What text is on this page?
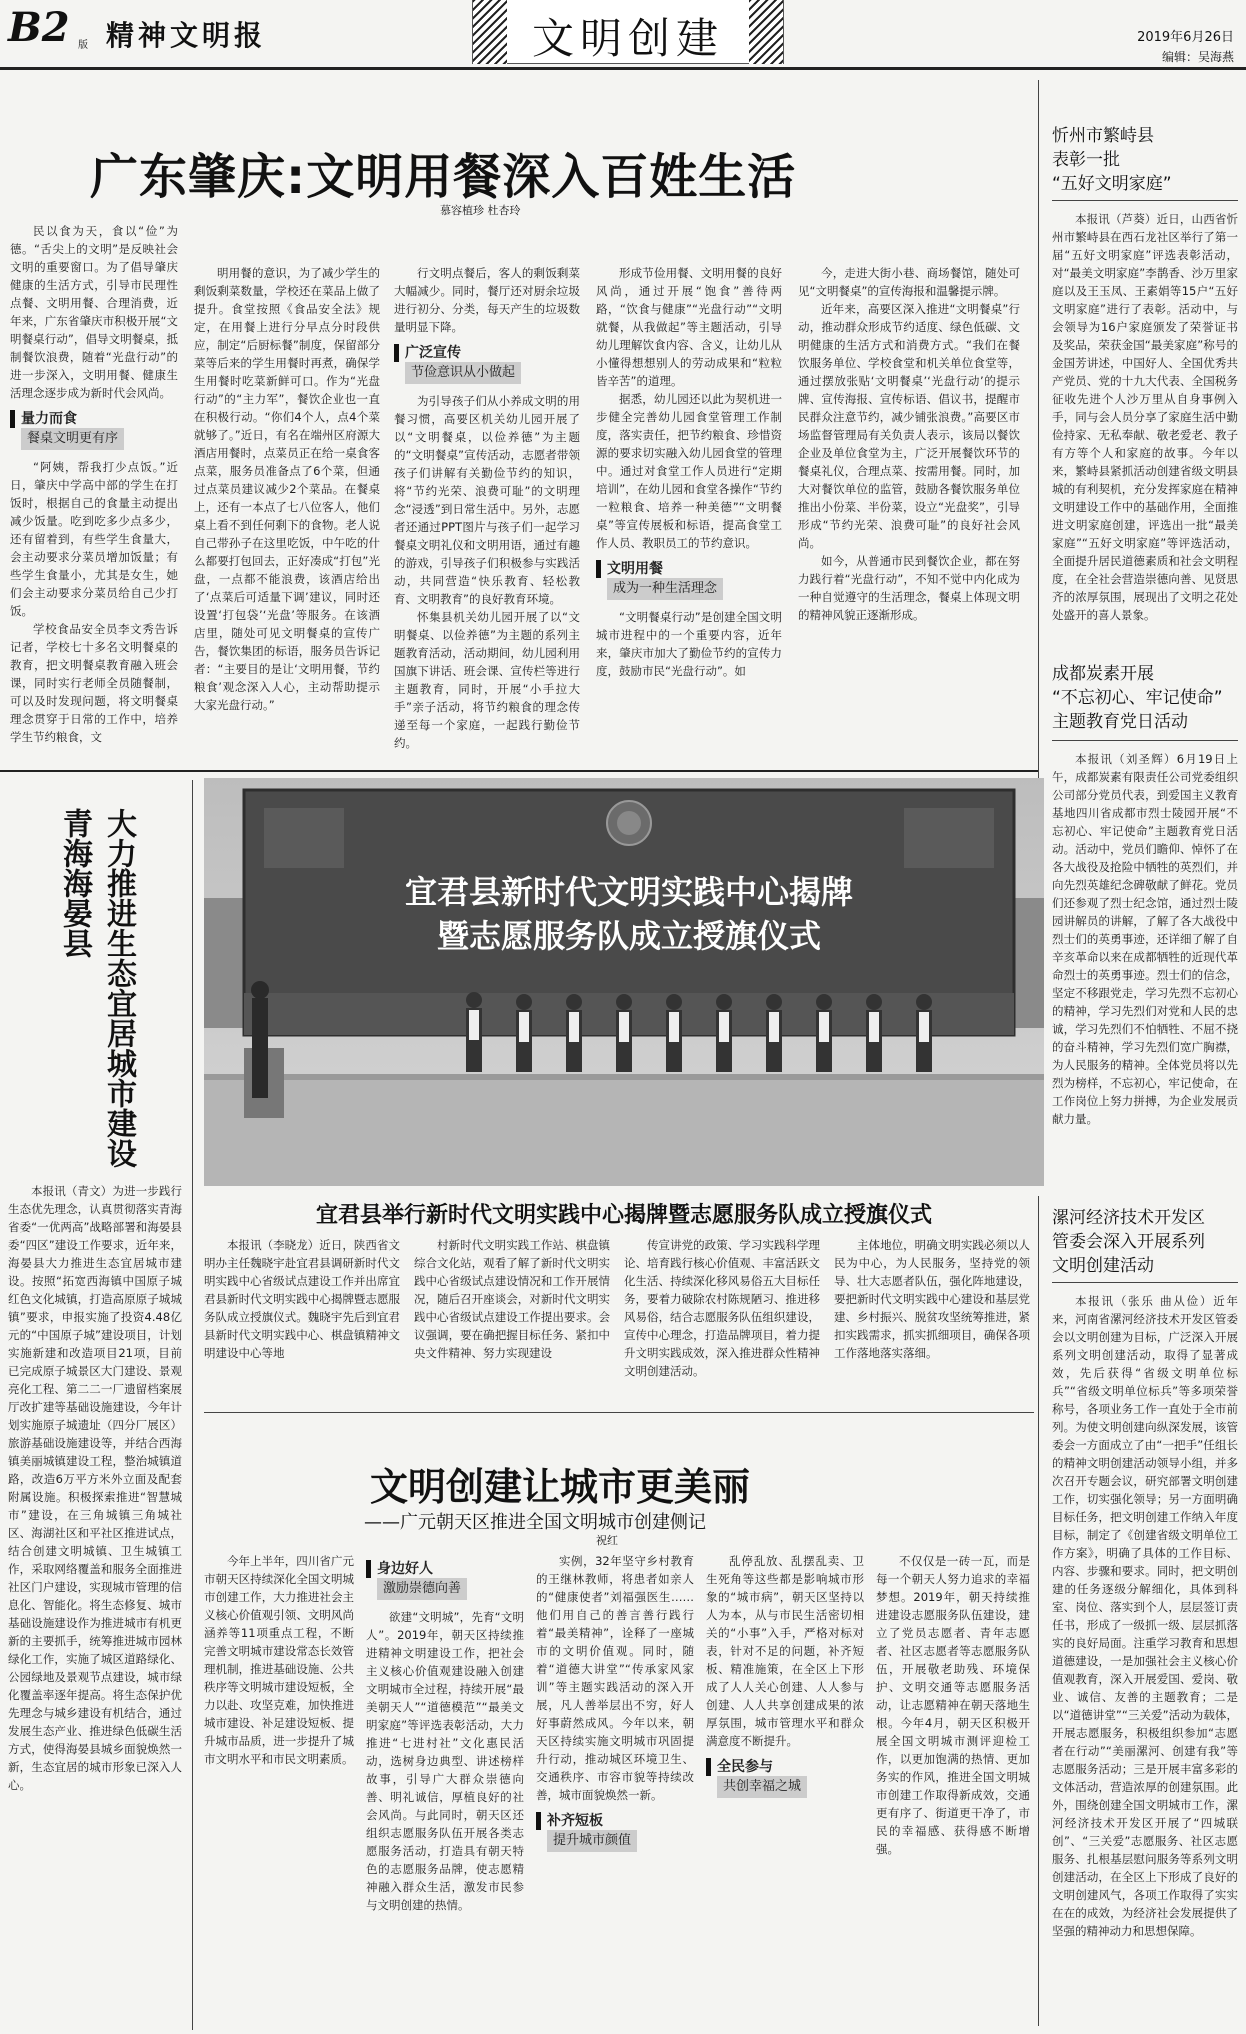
B2 版 精神文明报	文明创建	2019年6月26日
编辑：吴海燕
广东肇庆:文明用餐深入百姓生活
慕容植珍 杜杏玲

民以食为天，食以“俭”为德。“舌尖上的文明”是反映社会文明的重要窗口。为了倡导肇庆健康的生活方式，引导市民理性点餐、文明用餐、合理消费，近年来，广东省肇庆市积极开展“文明餐桌行动”，倡导文明餐桌，抵制餐饮浪费，随着“光盘行动”的进一步深入，文明用餐、健康生活理念逐步成为新时代会风尚。

量力而食
餐桌文明更有序

“阿姨，帮我打少点饭。”近日，肇庆中学高中部的学生在打饭时，根据自己的食量主动提出减少饭量。吃到吃多少点多少，还有留着到，有些学生食量大，会主动要求分菜员增加饭量；有些学生食量小，尤其是女生，她们会主动要求分菜员给自己少打饭。

学校食品安全员李文秀告诉记者，学校七十多名文明餐桌的教育，把文明餐桌教育融入班会课，同时实行老师全员随餐制，可以及时发现问题，将文明餐桌理念贯穿于日常的工作中，培养学生节约粮食，文

明用餐的意识，为了减少学生的剩饭剩菜数量，学校还在菜品上做了提升。食堂按照《食品安全法》规定，在用餐上进行分早点分时段供应，制定“后厨标餐”制度，保留部分菜等后来的学生用餐时再煮，确保学生用餐时吃菜新鲜可口。作为“光盘行动”的“主力军”，餐饮企业也一直在积极行动。“你们4个人，点4个菜就够了。”近日，有名在端州区府源大酒店用餐时，点菜员正在给一桌食客点菜，服务员准备点了6个菜，但通过点菜员建议减少2个菜品。在餐桌上，还有一本点了七八位客人，他们桌上看不到任何剩下的食物。老人说自己带孙子在这里吃饭，中午吃的什么都要打包回去，正好凑成“打包”光盘，一点都不能浪费，该酒店给出了‘点菜后可适量下调’建议，同时还设置‘打包袋’‘光盘’等服务。在该酒店里，随处可见文明餐桌的宣传广告，餐饮集团的标语，服务员告诉记者：“主要目的是让‘文明用餐，节约粮食’观念深入人心，主动帮助提示大家光盘行动。”

行文明点餐后，客人的剩饭剩菜大幅减少。同时，餐厅还对厨余垃圾进行初分、分类，每天产生的垃圾数量明显下降。

广泛宣传
节俭意识从小做起

为引导孩子们从小养成文明的用餐习惯，高要区机关幼儿园开展了以“文明餐桌，以俭养德”为主题的“文明餐桌”宣传活动，志愿者带领孩子们讲解有关勤俭节约的知识，将“节约光荣、浪费可耻”的文明理念“浸透”到日常生活中。另外，志愿者还通过PPT图片与孩子们一起学习餐桌文明礼仪和文明用语，通过有趣的游戏，引导孩子们积极参与实践活动，共同营造“快乐教育、轻松教育、文明教育”的良好教育环境。

怀集县机关幼儿园开展了以“文明餐桌、以俭养德”为主题的系列主题教育活动，活动期间，幼儿园利用国旗下讲话、班会课、宣传栏等进行主题教育，同时，开展“小手拉大手”亲子活动，将节约粮食的理念传递至每一个家庭，一起践行勤俭节约。

形成节俭用餐、文明用餐的良好风尚，通过开展“饱食”善待两路，“饮食与健康”“光盘行动”“文明就餐，从我做起”等主题活动，引导幼儿理解饮食内容、含义，让幼儿从小懂得想想别人的劳动成果和“粒粒皆辛苦”的道理。

据悉，幼儿园还以此为契机进一步健全完善幼儿园食堂管理工作制度，落实责任，把节约粮食、珍惜资源的要求切实融入幼儿园食堂的管理中。通过对食堂工作人员进行“定期培训”，在幼儿园和食堂各操作“节约一粒粮食、培养一种美德”“文明餐桌”等宣传展板和标语，提高食堂工作人员、教职员工的节约意识。

文明用餐
成为一种生活理念

“文明餐桌行动”是创建全国文明城市进程中的一个重要内容，近年来，肇庆市加大了勤俭节约的宣传力度，鼓励市民“光盘行动”。如

今，走进大街小巷、商场餐馆，随处可见“文明餐桌”的宣传海报和温馨提示牌。

近年来，高要区深入推进“文明餐桌”行动，推动群众形成节约适度、绿色低碳、文明健康的生活方式和消费方式。“我们在餐饮服务单位、学校食堂和机关单位食堂等，通过摆放张贴‘文明餐桌’‘光盘行动’的提示牌、宣传海报、宣传标语、倡议书，提醒市民群众注意节约，减少铺张浪费。”高要区市场监督管理局有关负责人表示，该局以餐饮企业及单位食堂为主，广泛开展餐饮环节的餐桌礼仪，合理点菜、按需用餐。同时，加大对餐饮单位的监管，鼓励各餐饮服务单位推出小份菜、半份菜，设立“光盘奖”，引导形成“节约光荣、浪费可耻”的良好社会风尚。

如今，从普通市民到餐饮企业，都在努力践行着“光盘行动”，不知不觉中内化成为一种自觉遵守的生活理念，餐桌上体现文明的精神风貌正逐渐形成。

忻州市繁峙县
表彰一批
“五好文明家庭”

本报讯（芦葵）近日，山西省忻州市繁峙县在西石龙社区举行了第一届“五好文明家庭”评选表彰活动，对“最美文明家庭”李鹊香、沙万里家庭以及王玉凤、王素娟等15户“五好文明家庭”进行了表彰。活动中，与会领导为16户家庭颁发了荣誉证书及奖品，荣获金国“最美家庭”称号的金国芳讲述，中国好人、全国优秀共产党员、党的十九大代表、全国税务征收先进个人沙万里从自身事例入手，同与会人员分享了家庭生活中勤俭持家、无私奉献、敬老爱老、教子有方等个人和家庭的故事。今年以来，繁峙县紧抓活动创建省级文明县城的有利契机，充分发挥家庭在精神文明建设工作中的基础作用，全面推进文明家庭创建，评选出一批“最美家庭”“五好文明家庭”等评选活动，全面提升居民道德素质和社会文明程度，在全社会营造崇德向善、见贤思齐的浓厚氛围，展现出了文明之花处处盛开的喜人景象。

成都炭素开展
“不忘初心、牢记使命”
主题教育党日活动

本报讯（刘圣辉）6月19日上午，成都炭素有限责任公司党委组织公司部分党员代表，到爱国主义教育基地四川省成都市烈士陵园开展“不忘初心、牢记使命”主题教育党日活动。活动中，党员们瞻仰、悼怀了在各大战役及抢险中牺牲的英烈们，并向先烈英雄纪念碑敬献了鲜花。党员们还参观了烈士纪念馆，通过烈士陵园讲解员的讲解，了解了各大战役中烈士们的英勇事迹，还详细了解了自辛亥革命以来在成都牺牲的近现代革命烈士的英勇事迹。烈士们的信念，坚定不移跟党走，学习先烈不忘初心的精神，学习先烈们对党和人民的忠诚，学习先烈们不怕牺牲、不屈不挠的奋斗精神，学习先烈们宽广胸襟，为人民服务的精神。全体党员将以先烈为榜样，不忘初心，牢记使命，在工作岗位上努力拼搏，为企业发展贡献力量。

漯河经济技术开发区
管委会深入开展系列
文明创建活动

本报讯（张乐 曲从俭）近年来，河南省漯河经济技术开发区管委会以文明创建为目标，广泛深入开展系列文明创建活动，取得了显著成效，先后获得“省级文明单位标兵”“省级文明单位标兵”等多项荣誉称号，各项业务工作一直处于全市前列。为使文明创建向纵深发展，该管委会一方面成立了由“一把手”任组长的精神文明创建活动领导小组，并多次召开专题会议，研究部署文明创建工作，切实强化领导；另一方面明确目标任务，把文明创建工作纳入年度目标，制定了《创建省级文明单位工作方案》，明确了具体的工作目标、内容、步骤和要求。同时，把文明创建的任务逐级分解细化，具体到科室、岗位、落实到个人，层层签订责任书，形成了一级抓一级、层层抓落实的良好局面。注重学习教育和思想道德建设，一是加强社会主义核心价值观教育，深入开展爱国、爱岗、敬业、诚信、友善的主题教育；二是以“道德讲堂”“三关爱”活动为载体，开展志愿服务，积极组织参加“志愿者在行动”“美丽漯河、创建有我”等志愿服务活动；三是开展丰富多彩的文体活动，营造浓厚的创建氛围。此外，围绕创建全国文明城市工作，漯河经济技术开发区开展了“四城联创”、“三关爱”志愿服务、社区志愿服务、扎根基层慰问服务等系列文明创建活动，在全区上下形成了良好的文明创建风气，各项工作取得了实实在在的成效，为经济社会发展提供了坚强的精神动力和思想保障。

大力推进生态宜居城市建设
青海海晏县

本报讯（青文）为进一步践行生态优先理念，认真贯彻落实青海省委“一优两高”战略部署和海晏县委“四区”建设工作要求，近年来，海晏县大力推进生态宜居城市建设。按照“拓宽西海镇中国原子城红色文化城镇，打造高原原子城城镇”要求，申报实施了投资4.48亿元的“中国原子城”建设项目，计划实施新建和改造项目21项，目前已完成原子城景区大门建设、景观亮化工程、第二二一厂遗留档案展厅改扩建等基础设施建设，今年计划实施原子城遗址（四分厂展区）旅游基础设施建设等，并结合西海镇美丽城镇建设工程，整治城镇道路，改造6万平方米外立面及配套附属设施。积极探索推进“智慧城市”建设，在三角城镇三角城社区、海湖社区和平社区推进试点，结合创建文明城镇、卫生城镇工作，采取网络覆盖和服务全面推进社区门户建设，实现城市管理的信息化、智能化。将生态修复、城市基础设施建设作为推进城市有机更新的主要抓手，统筹推进城市园林绿化工作，实施了城区道路绿化、公园绿地及景观节点建设，城市绿化覆盖率逐年提高。将生态保护优先理念与城乡建设有机结合，通过发展生态产业、推进绿色低碳生活方式，使得海晏县城乡面貌焕然一新，生态宜居的城市形象已深入人心。

宜君县新时代文明实践中心揭牌
暨志愿服务队成立授旗仪式
宜君县举行新时代文明实践中心揭牌暨志愿服务队成立授旗仪式

本报讯（李晓龙）近日，陕西省文明办主任魏晓宇赴宜君县调研新时代文明实践中心省级试点建设工作并出席宜君县新时代文明实践中心揭牌暨志愿服务队成立授旗仪式。魏晓宇先后到宜君县新时代文明实践中心、棋盘镇精神文明建设中心等地

村新时代文明实践工作站、棋盘镇综合文化站，观看了解了新时代文明实践中心省级试点建设情况和工作开展情况，随后召开座谈会，对新时代文明实践中心省级试点建设工作提出要求。会议强调，要在确把握目标任务、紧扣中央文件精神、努力实现建设

传宣讲党的政策、学习实践科学理论、培育践行核心价值观、丰富活跃文化生活、持续深化移风易俗五大目标任务，要着力破除农村陈规陋习、推进移风易俗，结合志愿服务队伍组织建设，宣传中心理念，打造品牌项目，着力提升文明实践成效，深入推进群众性精神文明创建活动。

主体地位，明确文明实践必须以人民为中心，为人民服务，坚持党的领导、壮大志愿者队伍，强化阵地建设，要把新时代文明实践中心建设和基层党建、乡村振兴、脱贫攻坚统筹推进，紧扣实践需求，抓实抓细项目，确保各项工作落地落实落细。

文明创建让城市更美丽
——广元朝天区推进全国文明城市创建侧记
祝红

今年上半年，四川省广元市朝天区持续深化全国文明城市创建工作，大力推进社会主义核心价值观引领、文明风尚涵养等11项重点工程，不断完善文明城市建设常态长效管理机制，推进基础设施、公共秩序等文明城市建设短板，全力以赴、攻坚克难，加快推进城市建设、补足建设短板、提升城市品质，进一步提升了城市文明水平和市民文明素质。

身边好人
激励崇德向善

欲建“文明城”，先育“文明人”。2019年，朝天区持续推进精神文明建设工作，把社会主义核心价值观建设融入创建文明城市全过程，持续开展“最美朝天人”“道德模范”“最美文明家庭”等评选表彰活动，大力推进“七进村社”文化惠民活动，选树身边典型、讲述榜样故事，引导广大群众崇德向善、明礼诚信，厚植良好的社会风尚。与此同时，朝天区还组织志愿服务队伍开展各类志愿服务活动，打造具有朝天特色的志愿服务品牌，使志愿精神融入群众生活，激发市民参与文明创建的热情。

实例，32年坚守乡村教育的王继林教师，将患者如亲人的“健康使者”刘福强医生……他们用自己的善言善行践行着“最美精神”，诠释了一座城市的文明价值观。同时，随着“道德大讲堂”“传承家风家训”等主题实践活动的深入开展，凡人善举层出不穷，好人好事蔚然成风。今年以来，朝天区持续实施文明城市巩固提升行动，推动城区环境卫生、交通秩序、市容市貌等持续改善，城市面貌焕然一新。

补齐短板
提升城市颜值

乱停乱放、乱摆乱卖、卫生死角等这些都是影响城市形象的“城市病”，朝天区坚持以人为本，从与市民生活密切相关的“小事”入手，严格对标对表，针对不足的问题，补齐短板、精准施策，在全区上下形成了人人关心创建、人人参与创建、人人共享创建成果的浓厚氛围，城市管理水平和群众满意度不断提升。

全民参与
共创幸福之城

不仅仅是一砖一瓦，而是每一个朝天人努力追求的幸福梦想。2019年，朝天持续推进建设志愿服务队伍建设，建立了党员志愿者、青年志愿者、社区志愿者等志愿服务队伍，开展敬老助残、环境保护、文明交通等志愿服务活动，让志愿精神在朝天落地生根。今年4月，朝天区积极开展全国文明城市测评迎检工作，以更加饱满的热情、更加务实的作风，推进全国文明城市创建工作取得新成效，交通更有序了、街道更干净了，市民的幸福感、获得感不断增强。
